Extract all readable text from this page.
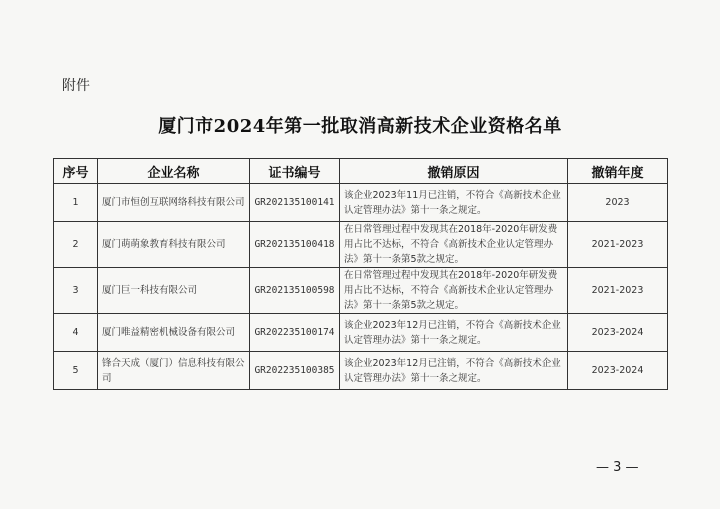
附件
厦门市2024年第一批取消高新技术企业资格名单
序号	企业名称	证书编号	撤销原因	撤销年度
1	厦门市恒创互联网络科技有限公司	GR202135100141	该企业2023年11月已注销，不符合《高新技术企业认定管理办法》第十一条之规定。	2023
2	厦门萌萌象教育科技有限公司	GR202135100418	在日常管理过程中发现其在2018年-2020年研发费用占比不达标，不符合《高新技术企业认定管理办法》第十一条第5款之规定。	2021-2023
3	厦门巨一科技有限公司	GR202135100598	在日常管理过程中发现其在2018年-2020年研发费用占比不达标，不符合《高新技术企业认定管理办法》第十一条第5款之规定。	2021-2023
4	厦门唯益精密机械设备有限公司	GR202235100174	该企业2023年12月已注销，不符合《高新技术企业认定管理办法》第十一条之规定。	2023-2024
5	锋合天成（厦门）信息科技有限公司	GR202235100385	该企业2023年12月已注销，不符合《高新技术企业认定管理办法》第十一条之规定。	2023-2024
— 3 —
